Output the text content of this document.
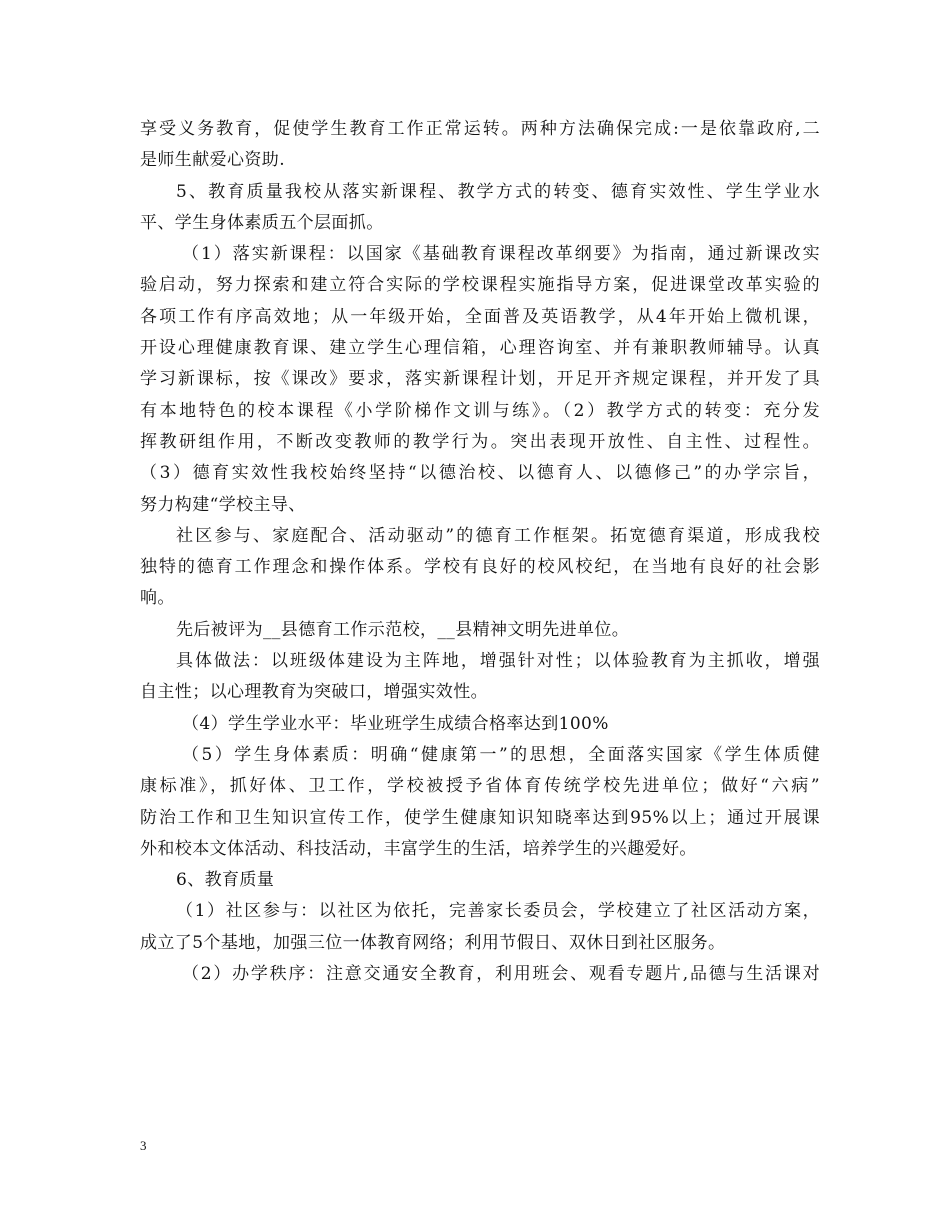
享受义务教育，促使学生教育工作正常运转。两种方法确保完成:一是依靠政府,二
是师生献爱心资助.
5、教育质量我校从落实新课程、教学方式的转变、德育实效性、学生学业水
平、学生身体素质五个层面抓。
（1）落实新课程：以国家《基础教育课程改革纲要》为指南，通过新课改实
验启动，努力探索和建立符合实际的学校课程实施指导方案，促进课堂改革实验的
各项工作有序高效地；从一年级开始，全面普及英语教学，从4年开始上微机课，
开设心理健康教育课、建立学生心理信箱，心理咨询室、并有兼职教师辅导。认真
学习新课标，按《课改》要求，落实新课程计划，开足开齐规定课程，并开发了具
有本地特色的校本课程《小学阶梯作文训与练》。（2）教学方式的转变：充分发
挥教研组作用，不断改变教师的教学行为。突出表现开放性、自主性、过程性。
（3）德育实效性我校始终坚持“以德治校、以德育人、以德修己”的办学宗旨，
努力构建“学校主导、
社区参与、家庭配合、活动驱动”的德育工作框架。拓宽德育渠道，形成我校
独特的德育工作理念和操作体系。学校有良好的校风校纪，在当地有良好的社会影
响。
先后被评为__县德育工作示范校，__县精神文明先进单位。
具体做法：以班级体建设为主阵地，增强针对性；以体验教育为主抓收，增强
自主性；以心理教育为突破口，增强实效性。
（4）学生学业水平：毕业班学生成绩合格率达到100%
（5）学生身体素质：明确“健康第一”的思想，全面落实国家《学生体质健
康标准》，抓好体、卫工作，学校被授予省体育传统学校先进单位；做好“六病”
防治工作和卫生知识宣传工作，使学生健康知识知晓率达到95%以上；通过开展课
外和校本文体活动、科技活动，丰富学生的生活，培养学生的兴趣爱好。
6、教育质量
（1）社区参与：以社区为依托，完善家长委员会，学校建立了社区活动方案，
成立了5个基地，加强三位一体教育网络；利用节假日、双休日到社区服务。
（2）办学秩序：注意交通安全教育，利用班会、观看专题片,品德与生活课对
3
